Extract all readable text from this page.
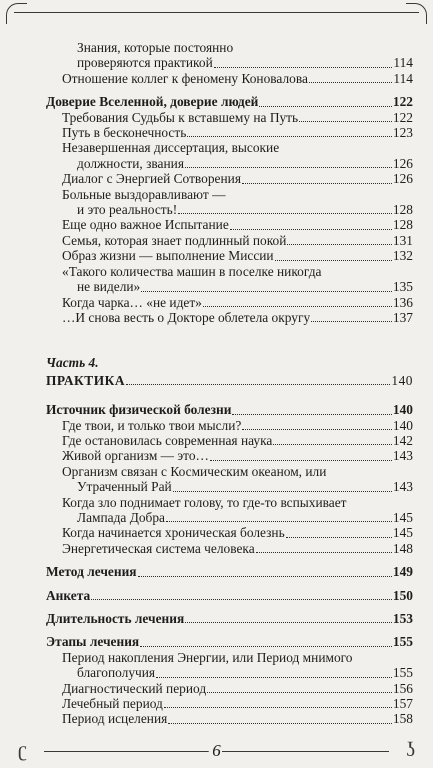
Знания, которые постоянно
проверяются практикой	114
Отношение коллег к феномену Коновалова	114
Доверие Вселенной, доверие людей	122
Требования Судьбы к вставшему на Путь	122
Путь в бесконечность	123
Незавершенная диссертация, высокие
должности, звания	126
Диалог с Энергией Сотворения	126
Больные выздоравливают —
и это реальность!	128
Еще одно важное Испытание	128
Семья, которая знает подлинный покой	131
Образ жизни — выполнение Миссии	132
«Такого количества машин в поселке никогда
не видели»	135
Когда чарка… «не идет»	136
…И снова весть о Докторе облетела округу	137
Часть 4.
ПРАКТИКА	140
Источник физической болезни	140
Где твои, и только твои мысли?	140
Где остановилась современная наука	142
Живой организм — это…	143
Организм связан с Космическим океаном, или
Утраченный Рай	143
Когда зло поднимает голову, то где-то вспыхивает
Лампада Добра	145
Когда начинается хроническая болезнь	145
Энергетическая система человека	148
Метод лечения	149
Анкета	150
Длительность лечения	153
Этапы лечения	155
Период накопления Энергии, или Период мнимого
благополучия	155
Диагностический период	156
Лечебный период	157
Период исцеления	158
ʗ	6	ʖ
